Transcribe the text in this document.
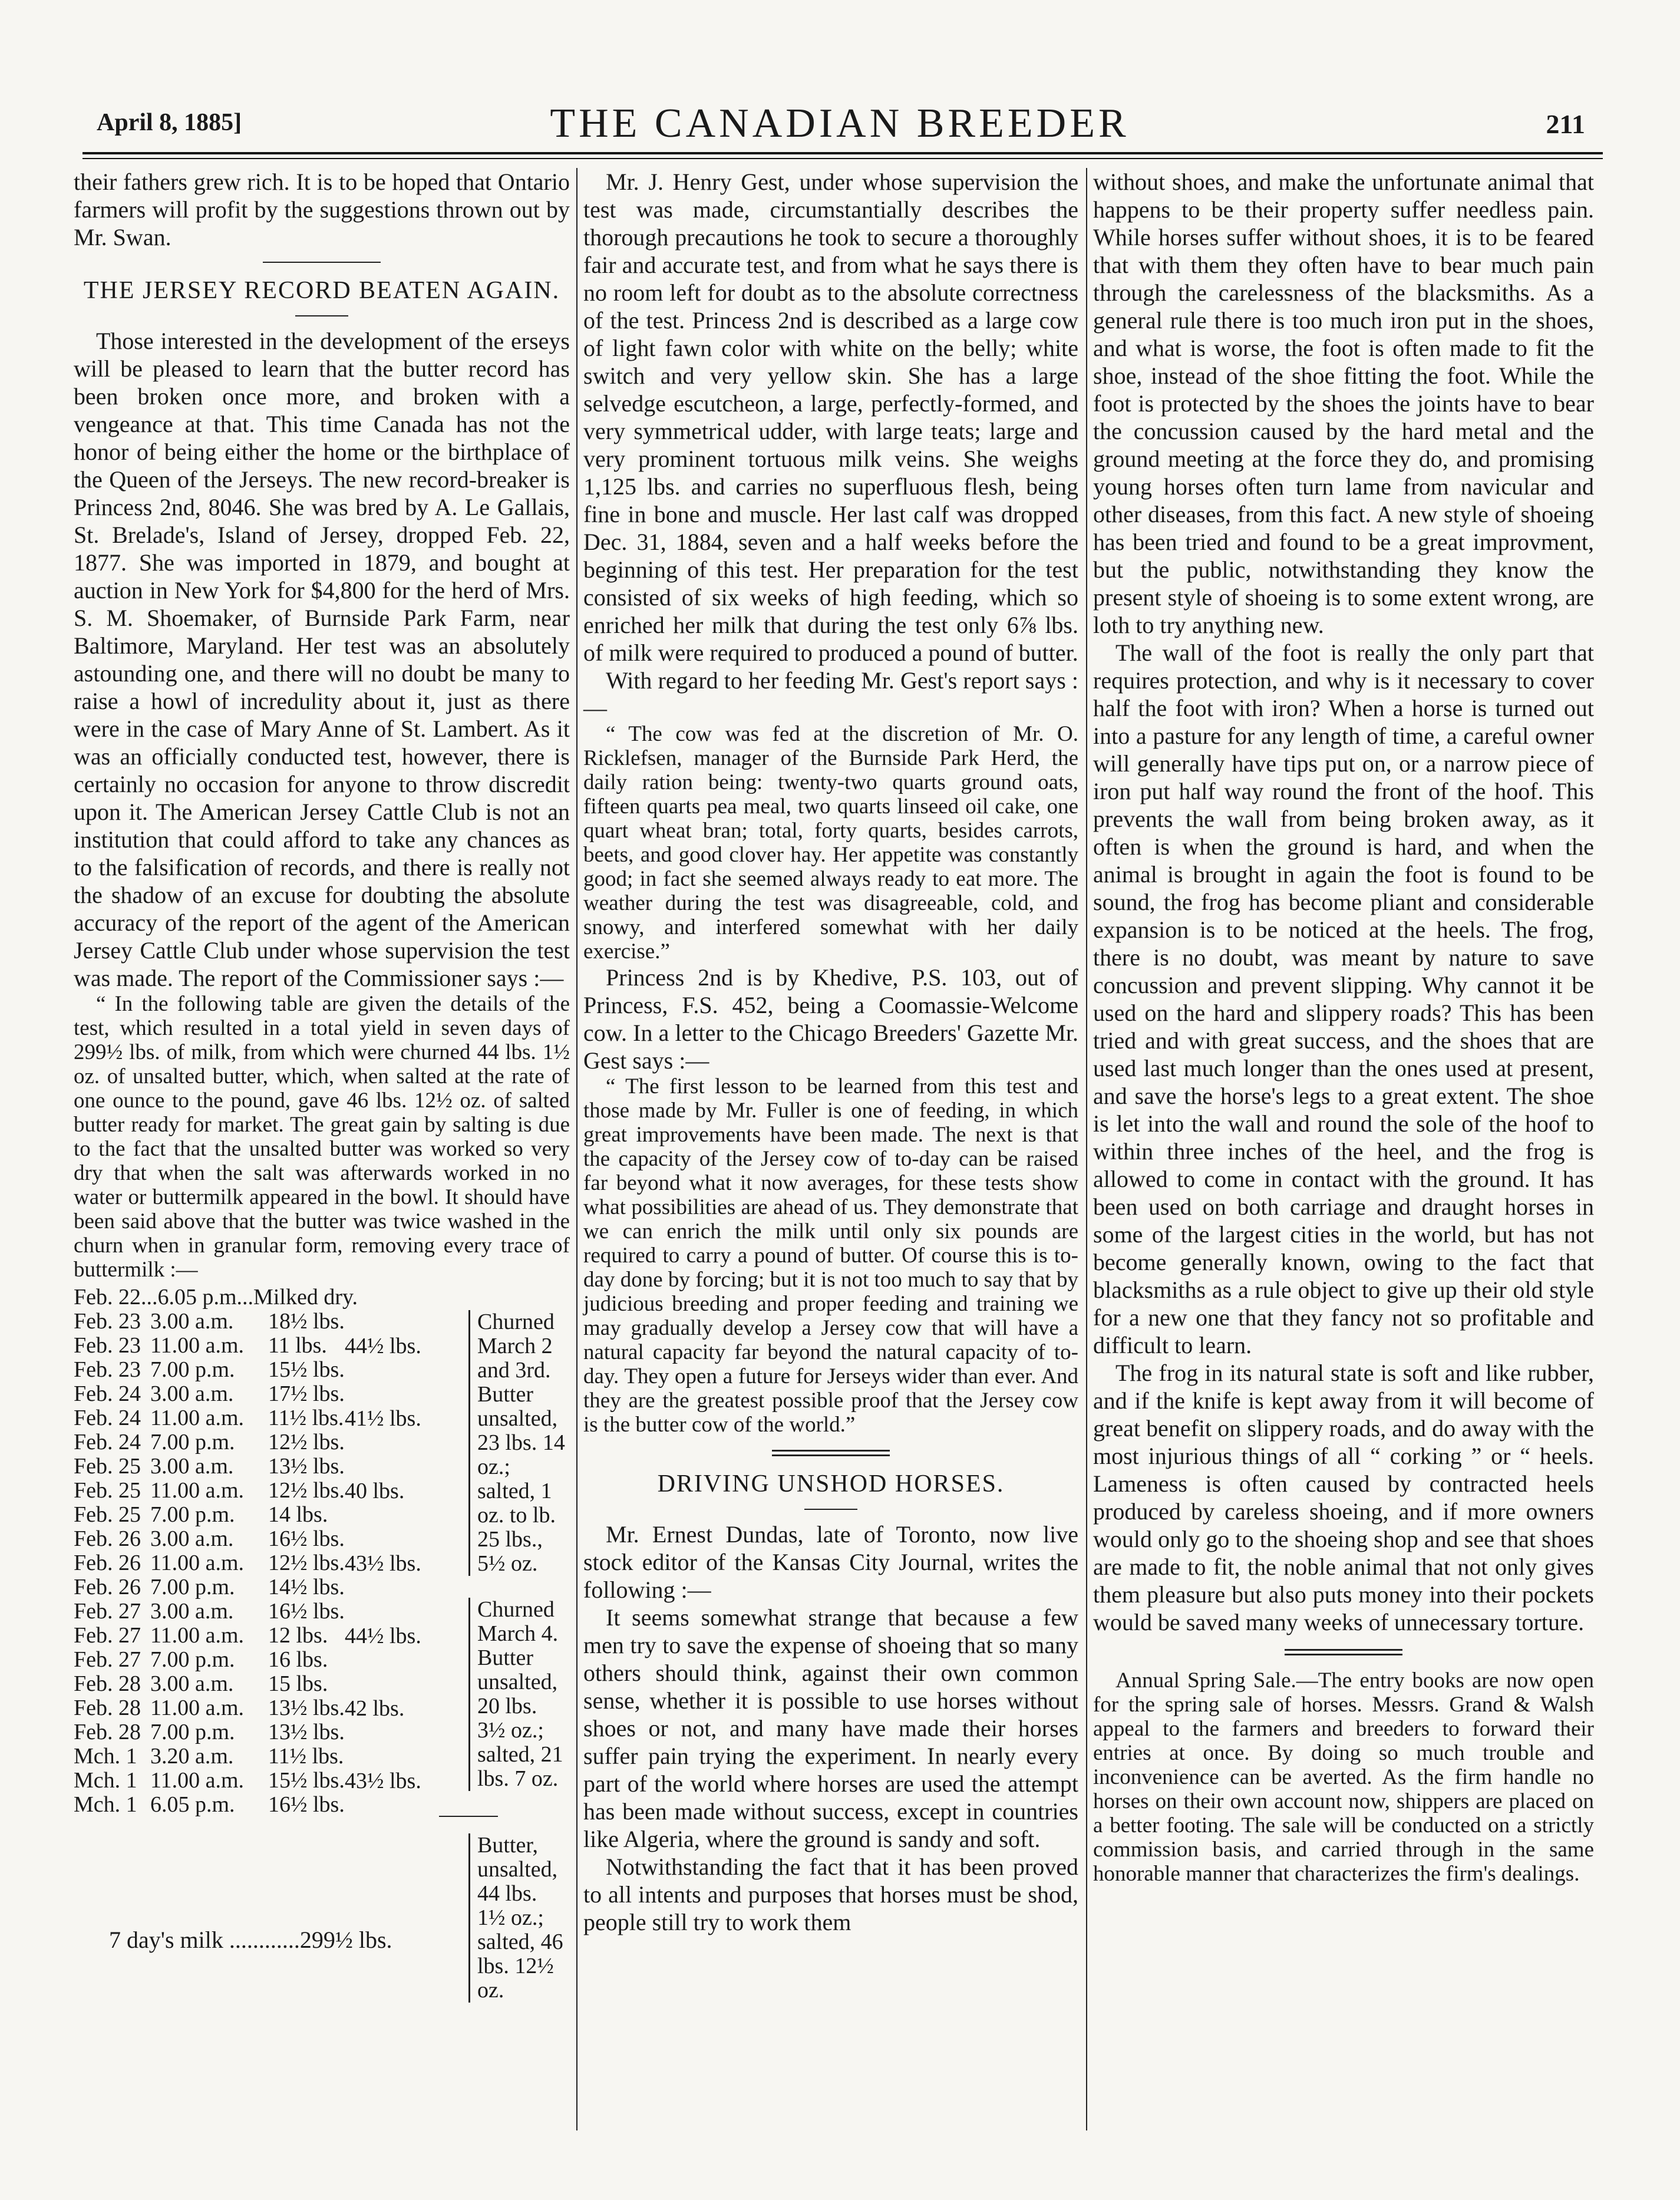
April 8, 1885]	THE CANADIAN BREEDER	211

their fathers grew rich. It is to be hoped that Ontario farmers will profit by the suggestions thrown out by Mr. Swan.

THE JERSEY RECORD BEATEN AGAIN.

Those interested in the development of the erseys will be pleased to learn that the butter record has been broken once more, and broken with a vengeance at that. This time Canada has not the honor of being either the home or the birthplace of the Queen of the Jerseys. The new record-breaker is Princess 2nd, 8046. She was bred by A. Le Gallais, St. Brelade's, Island of Jersey, dropped Feb. 22, 1877. She was imported in 1879, and bought at auction in New York for $4,800 for the herd of Mrs. S. M. Shoemaker, of Burnside Park Farm, near Baltimore, Maryland. Her test was an absolutely astounding one, and there will no doubt be many to raise a howl of incredulity about it, just as there were in the case of Mary Anne of St. Lambert. As it was an officially conducted test, however, there is certainly no occasion for anyone to throw discredit upon it. The American Jersey Cattle Club is not an institution that could afford to take any chances as to the falsification of records, and there is really not the shadow of an excuse for doubting the absolute accuracy of the report of the agent of the American Jersey Cattle Club under whose supervision the test was made. The report of the Commissioner says :—

“ In the following table are given the details of the test, which resulted in a total yield in seven days of 299½ lbs. of milk, from which were churned 44 lbs. 1½ oz. of unsalted butter, which, when salted at the rate of one ounce to the pound, gave 46 lbs. 12½ oz. of salted butter ready for market. The great gain by salting is due to the fact that the unsalted butter was worked so very dry that when the salt was afterwards worked in no water or buttermilk appeared in the bowl. It should have been said above that the butter was twice washed in the churn when in granular form, removing every trace of buttermilk :—

Feb. 22...6.05 p.m...Milked dry.
Feb. 23 3.00 a.m. 18½ lbs.
Feb. 23 11.00 a.m. 11 lbs.
Feb. 23 7.00 p.m. 15½ lbs.
Feb. 24 3.00 a.m. 17½ lbs.
Feb. 24 11.00 a.m. 11½ lbs.
Feb. 24 7.00 p.m. 12½ lbs.
Feb. 25 3.00 a.m. 13½ lbs.
Feb. 25 11.00 a.m. 12½ lbs.
Feb. 25 7.00 p.m. 14 lbs.
Feb. 26 3.00 a.m. 16½ lbs.
Feb. 26 11.00 a.m. 12½ lbs.
Feb. 26 7.00 p.m. 14½ lbs.
Feb. 27 3.00 a.m. 16½ lbs.
Feb. 27 11.00 a.m. 12 lbs.
Feb. 27 7.00 p.m. 16 lbs.
Feb. 28 3.00 a.m. 15 lbs.
Feb. 28 11.00 a.m. 13½ lbs.
Feb. 28 7.00 p.m. 13½ lbs.
Mch. 1 3.20 a.m. 11½ lbs.
Mch. 1 11.00 a.m. 15½ lbs.
Mch. 1 6.05 p.m. 16½ lbs.
44½ lbs.
41½ lbs.
40 lbs.
43½ lbs.
44½ lbs.
42 lbs.
43½ lbs.
Churned March 2 and 3rd. Butter unsalted, 23 lbs. 14 oz.; salted, 1 oz. to lb. 25 lbs., 5½ oz.
Churned March 4. Butter unsalted, 20 lbs. 3½ oz.; salted, 21 lbs. 7 oz.
7 day's milk ............299½ lbs.
Butter, unsalted, 44 lbs. 1½ oz.; salted, 46 lbs. 12½ oz.

Mr. J. Henry Gest, under whose supervision the test was made, circumstantially describes the thorough precautions he took to secure a thoroughly fair and accurate test, and from what he says there is no room left for doubt as to the absolute correctness of the test. Princess 2nd is described as a large cow of light fawn color with white on the belly; white switch and very yellow skin. She has a large selvedge escutcheon, a large, perfectly-formed, and very symmetrical udder, with large teats; large and very prominent tortuous milk veins. She weighs 1,125 lbs. and carries no superfluous flesh, being fine in bone and muscle. Her last calf was dropped Dec. 31, 1884, seven and a half weeks before the beginning of this test. Her preparation for the test consisted of six weeks of high feeding, which so enriched her milk that during the test only 6⅞ lbs. of milk were required to produced a pound of butter.

With regard to her feeding Mr. Gest's report says :—

“ The cow was fed at the discretion of Mr. O. Ricklefsen, manager of the Burnside Park Herd, the daily ration being: twenty-two quarts ground oats, fifteen quarts pea meal, two quarts linseed oil cake, one quart wheat bran; total, forty quarts, besides carrots, beets, and good clover hay. Her appetite was constantly good; in fact she seemed always ready to eat more. The weather during the test was disagreeable, cold, and snowy, and interfered somewhat with her daily exercise.”

Princess 2nd is by Khedive, P.S. 103, out of Princess, F.S. 452, being a Coomassie-Welcome cow. In a letter to the Chicago Breeders' Gazette Mr. Gest says :—

“ The first lesson to be learned from this test and those made by Mr. Fuller is one of feeding, in which great improvements have been made. The next is that the capacity of the Jersey cow of to-day can be raised far beyond what it now averages, for these tests show what possibilities are ahead of us. They demonstrate that we can enrich the milk until only six pounds are required to carry a pound of butter. Of course this is to-day done by forcing; but it is not too much to say that by judicious breeding and proper feeding and training we may gradually develop a Jersey cow that will have a natural capacity far beyond the natural capacity of to-day. They open a future for Jerseys wider than ever. And they are the greatest possible proof that the Jersey cow is the butter cow of the world.”

DRIVING UNSHOD HORSES.

Mr. Ernest Dundas, late of Toronto, now live stock editor of the Kansas City Journal, writes the following :—

It seems somewhat strange that because a few men try to save the expense of shoeing that so many others should think, against their own common sense, whether it is possible to use horses without shoes or not, and many have made their horses suffer pain trying the experiment. In nearly every part of the world where horses are used the attempt has been made without success, except in countries like Algeria, where the ground is sandy and soft.

Notwithstanding the fact that it has been proved to all intents and purposes that horses must be shod, people still try to work them

without shoes, and make the unfortunate animal that happens to be their property suffer needless pain. While horses suffer without shoes, it is to be feared that with them they often have to bear much pain through the carelessness of the blacksmiths. As a general rule there is too much iron put in the shoes, and what is worse, the foot is often made to fit the shoe, instead of the shoe fitting the foot. While the foot is protected by the shoes the joints have to bear the concussion caused by the hard metal and the ground meeting at the force they do, and promising young horses often turn lame from navicular and other diseases, from this fact. A new style of shoeing has been tried and found to be a great improvment, but the public, notwithstanding they know the present style of shoeing is to some extent wrong, are loth to try anything new.

The wall of the foot is really the only part that requires protection, and why is it necessary to cover half the foot with iron? When a horse is turned out into a pasture for any length of time, a careful owner will generally have tips put on, or a narrow piece of iron put half way round the front of the hoof. This prevents the wall from being broken away, as it often is when the ground is hard, and when the animal is brought in again the foot is found to be sound, the frog has become pliant and considerable expansion is to be noticed at the heels. The frog, there is no doubt, was meant by nature to save concussion and prevent slipping. Why cannot it be used on the hard and slippery roads? This has been tried and with great success, and the shoes that are used last much longer than the ones used at present, and save the horse's legs to a great extent. The shoe is let into the wall and round the sole of the hoof to within three inches of the heel, and the frog is allowed to come in contact with the ground. It has been used on both carriage and draught horses in some of the largest cities in the world, but has not become generally known, owing to the fact that blacksmiths as a rule object to give up their old style for a new one that they fancy not so profitable and difficult to learn.

The frog in its natural state is soft and like rubber, and if the knife is kept away from it will become of great benefit on slippery roads, and do away with the most injurious things of all “ corking ” or “ heels. Lameness is often caused by contracted heels produced by careless shoeing, and if more owners would only go to the shoeing shop and see that shoes are made to fit, the noble animal that not only gives them pleasure but also puts money into their pockets would be saved many weeks of unnecessary torture.

Annual Spring Sale.—The entry books are now open for the spring sale of horses. Messrs. Grand & Walsh appeal to the farmers and breeders to forward their entries at once. By doing so much trouble and inconvenience can be averted. As the firm handle no horses on their own account now, shippers are placed on a better footing. The sale will be conducted on a strictly commission basis, and carried through in the same honorable manner that characterizes the firm's dealings.
